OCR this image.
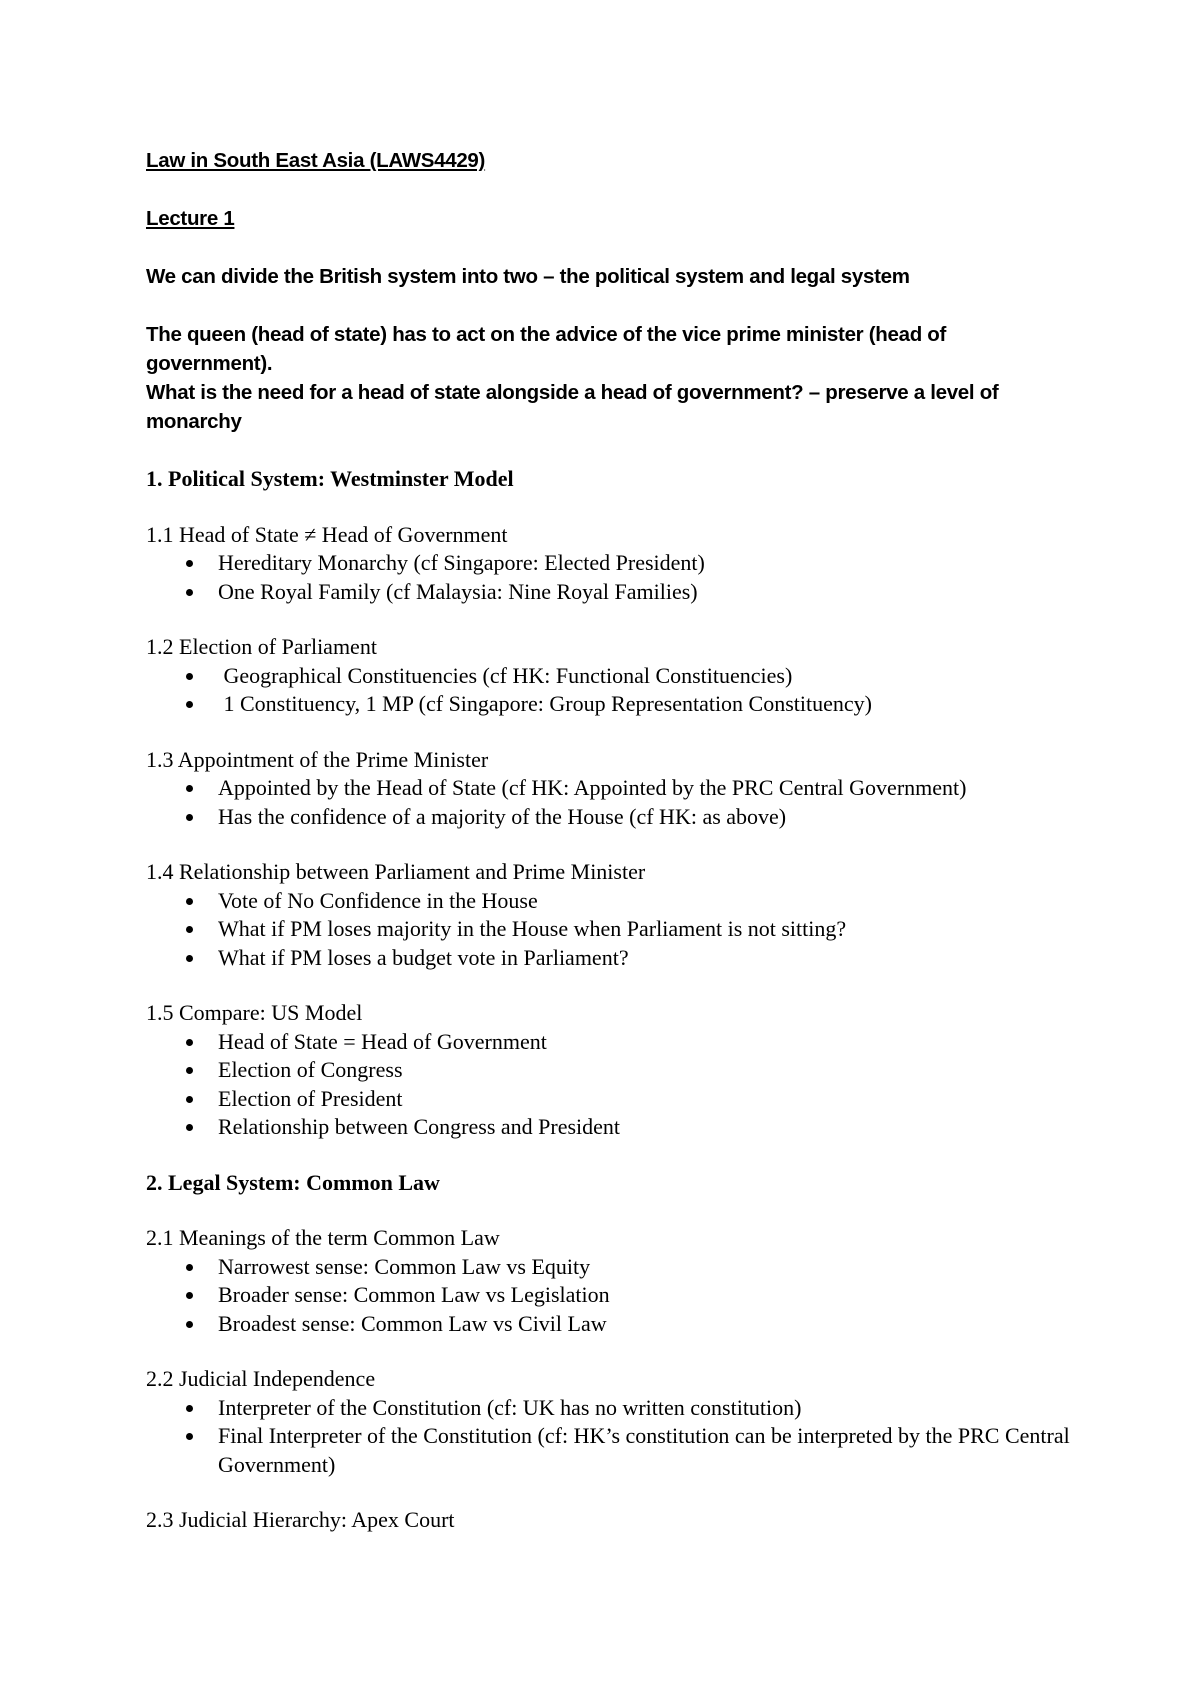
Law in South East Asia (LAWS4429)

Lecture 1

We can divide the British system into two – the political system and legal system

The queen (head of state) has to act on the advice of the vice prime minister (head of government).

What is the need for a head of state alongside a head of government? – preserve a level of monarchy

1. Political System: Westminster Model

1.1 Head of State ≠ Head of Government

Hereditary Monarchy (cf Singapore: Elected President)
One Royal Family (cf Malaysia: Nine Royal Families)

1.2 Election of Parliament

Geographical Constituencies (cf HK: Functional Constituencies)
1 Constituency, 1 MP (cf Singapore: Group Representation Constituency)

1.3 Appointment of the Prime Minister

Appointed by the Head of State (cf HK: Appointed by the PRC Central Government)
Has the confidence of a majority of the House (cf HK: as above)

1.4 Relationship between Parliament and Prime Minister

Vote of No Confidence in the House
What if PM loses majority in the House when Parliament is not sitting?
What if PM loses a budget vote in Parliament?

1.5 Compare: US Model

Head of State = Head of Government
Election of Congress
Election of President
Relationship between Congress and President

2. Legal System: Common Law

2.1 Meanings of the term Common Law

Narrowest sense: Common Law vs Equity
Broader sense: Common Law vs Legislation
Broadest sense: Common Law vs Civil Law

2.2 Judicial Independence

Interpreter of the Constitution (cf: UK has no written constitution)
Final Interpreter of the Constitution (cf: HK’s constitution can be interpreted by the PRC Central Government)

2.3 Judicial Hierarchy: Apex Court
